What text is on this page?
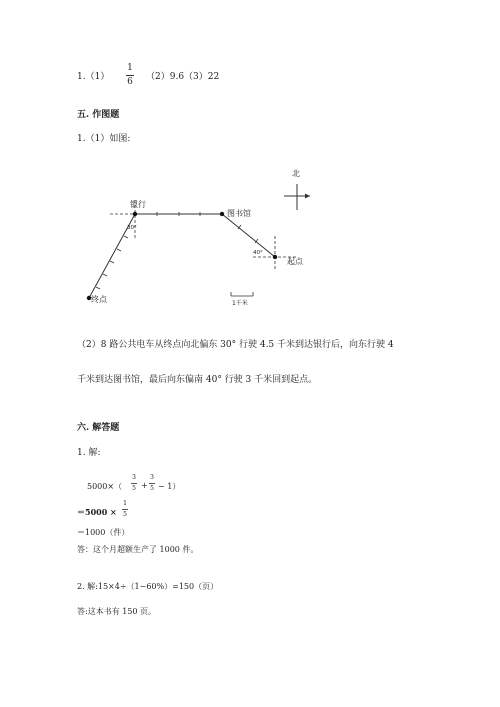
1.（1）
1
6 （2）9.6（3）22
五. 作图题
1.（1）如图:
北
银行
图书馆
起点
终点
30°
40°
1千米
（2）8 路公共电车从终点向北偏东 30° 行驶 4.5 千米到达银行后，向东行驶 4
千米到达图书馆，最后向东偏南 40° 行驶 3 千米回到起点。
六. 解答题
1. 解:
5000×（
3
5 +
3
5 − 1）
＝5000 ×
1
5
＝1000（件）
答：这个月超额生产了 1000 件。
2. 解:15×4÷（1−60%）=150（页）
答:这本书有 150 页。
